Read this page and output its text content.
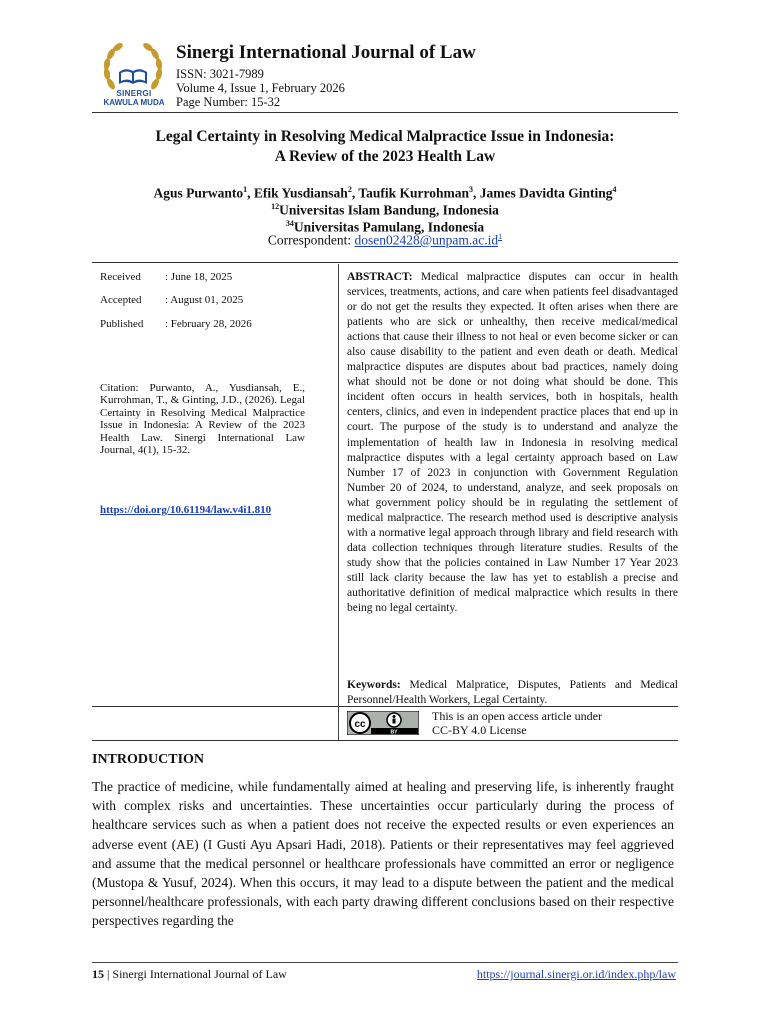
SINERGI
KAWULA MUDA
Sinergi International Journal of Law
ISSN: 3021-7989
Volume 4, Issue 1, February 2026
Page Number: 15-32
Legal Certainty in Resolving Medical Malpractice Issue in Indonesia:
A Review of the 2023 Health Law
Agus Purwanto$^1$, Efik Yusdiansah$^2$, Taufik Kurrohman$^3$, James Davidta Ginting$^4$
$^{12}$Universitas Islam Bandung, Indonesia
$^{34}$Universitas Pamulang, Indonesia
Correspondent: $dosen02428@unpam.ac.id^1$
Received : June 18, 2025
Accepted : August 01, 2025
Published : February 28, 2026
Citation: Purwanto, A., Yusdiansah, E., Kurrohman, T., & Ginting, J.D., (2026). Legal Certainty in Resolving Medical Malpractice Issue in Indonesia: A Review of the 2023 Health Law. Sinergi International Law Journal, 4(1), 15-32.
https://doi.org/10.61194/law.v4i1.810
ABSTRACT: Medical malpractice disputes can occur in health services, treatments, actions, and care when patients feel disadvantaged or do not get the results they expected. It often arises when there are patients who are sick or unhealthy, then receive medical/medical actions that cause their illness to not heal or even become sicker or can also cause disability to the patient and even death or death. Medical malpractice disputes are disputes about bad practices, namely doing what should not be done or not doing what should be done. This incident often occurs in health services, both in hospitals, health centers, clinics, and even in independent practice places that end up in court. The purpose of the study is to understand and analyze the implementation of health law in Indonesia in resolving medical malpractice disputes with a legal certainty approach based on Law Number 17 of 2023 in conjunction with Government Regulation Number 20 of 2024, to understand, analyze, and seek proposals on what government policy should be in regulating the settlement of medical malpractice. The research method used is descriptive analysis with a normative legal approach through library and field research with data collection techniques through literature studies. Results of the study show that the policies contained in Law Number 17 Year 2023 still lack clarity because the law has yet to establish a precise and authoritative definition of medical malpractice which results in there being no legal certainty.
Keywords: Medical Malpratice, Disputes, Patients and Medical Personnel/Health Workers, Legal Certainty.
cc
BY
This is an open access article under
CC-BY 4.0 License
INTRODUCTION
The practice of medicine, while fundamentally aimed at healing and preserving life, is inherently fraught with complex risks and uncertainties. These uncertainties occur particularly during the process of healthcare services such as when a patient does not receive the expected results or even experiences an adverse event (AE) (I Gusti Ayu Apsari Hadi, 2018). Patients or their representatives may feel aggrieved and assume that the medical personnel or healthcare professionals have committed an error or negligence (Mustopa & Yusuf, 2024). When this occurs, it may lead to a dispute between the patient and the medical personnel/healthcare professionals, with each party drawing different conclusions based on their respective perspectives regarding the
15 | Sinergi International Journal of Law	https://journal.sinergi.or.id/index.php/law
